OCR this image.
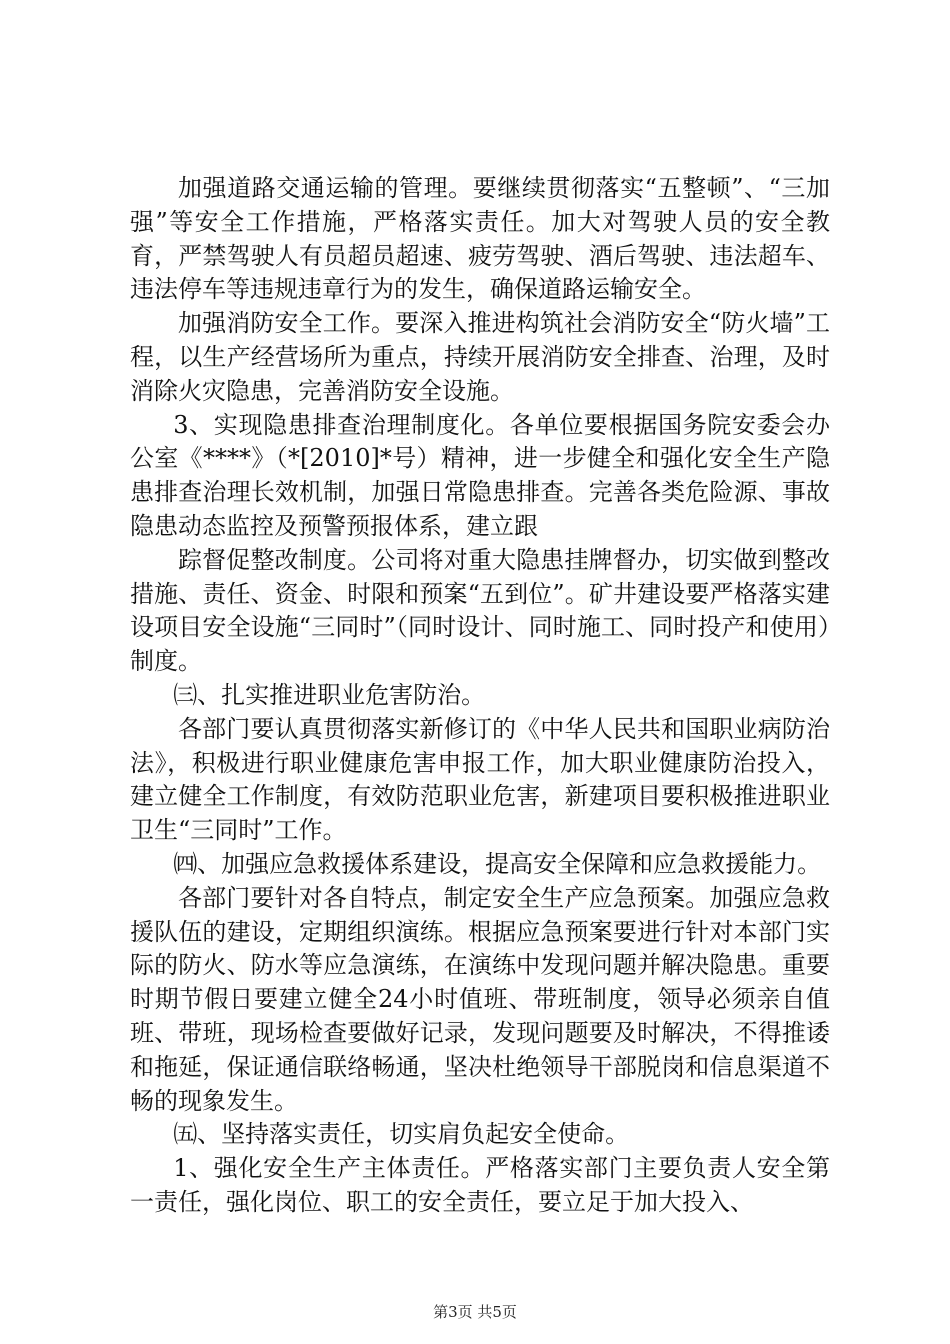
加强道路交通运输的管理。要继续贯彻落实“五整顿”、“三加强”等安全工作措施，严格落实责任。加大对驾驶人员的安全教育，严禁驾驶人有员超员超速、疲劳驾驶、酒后驾驶、违法超车、违法停车等违规违章行为的发生，确保道路运输安全。

加强消防安全工作。要深入推进构筑社会消防安全“防火墙”工程，以生产经营场所为重点，持续开展消防安全排查、治理，及时消除火灾隐患，完善消防安全设施。

3、实现隐患排查治理制度化。各单位要根据国务院安委会办公室《****》（*[2010]*号）精神，进一步健全和强化安全生产隐患排查治理长效机制，加强日常隐患排查。完善各类危险源、事故隐患动态监控及预警预报体系，建立跟

踪督促整改制度。公司将对重大隐患挂牌督办，切实做到整改措施、责任、资金、时限和预案“五到位”。矿井建设要严格落实建设项目安全设施“三同时”（同时设计、同时施工、同时投产和使用）制度。

㈢、扎实推进职业危害防治。

各部门要认真贯彻落实新修订的《中华人民共和国职业病防治法》，积极进行职业健康危害申报工作，加大职业健康防治投入，建立健全工作制度，有效防范职业危害，新建项目要积极推进职业卫生“三同时”工作。

㈣、加强应急救援体系建设，提高安全保障和应急救援能力。

各部门要针对各自特点，制定安全生产应急预案。加强应急救援队伍的建设，定期组织演练。根据应急预案要进行针对本部门实际的防火、防水等应急演练，在演练中发现问题并解决隐患。重要时期节假日要建立健全24小时值班、带班制度，领导必须亲自值班、带班，现场检查要做好记录，发现问题要及时解决，不得推诿和拖延，保证通信联络畅通，坚决杜绝领导干部脱岗和信息渠道不畅的现象发生。

㈤、坚持落实责任，切实肩负起安全使命。

1、强化安全生产主体责任。严格落实部门主要负责人安全第一责任，强化岗位、职工的安全责任，要立足于加大投入、

第3页 共5页
